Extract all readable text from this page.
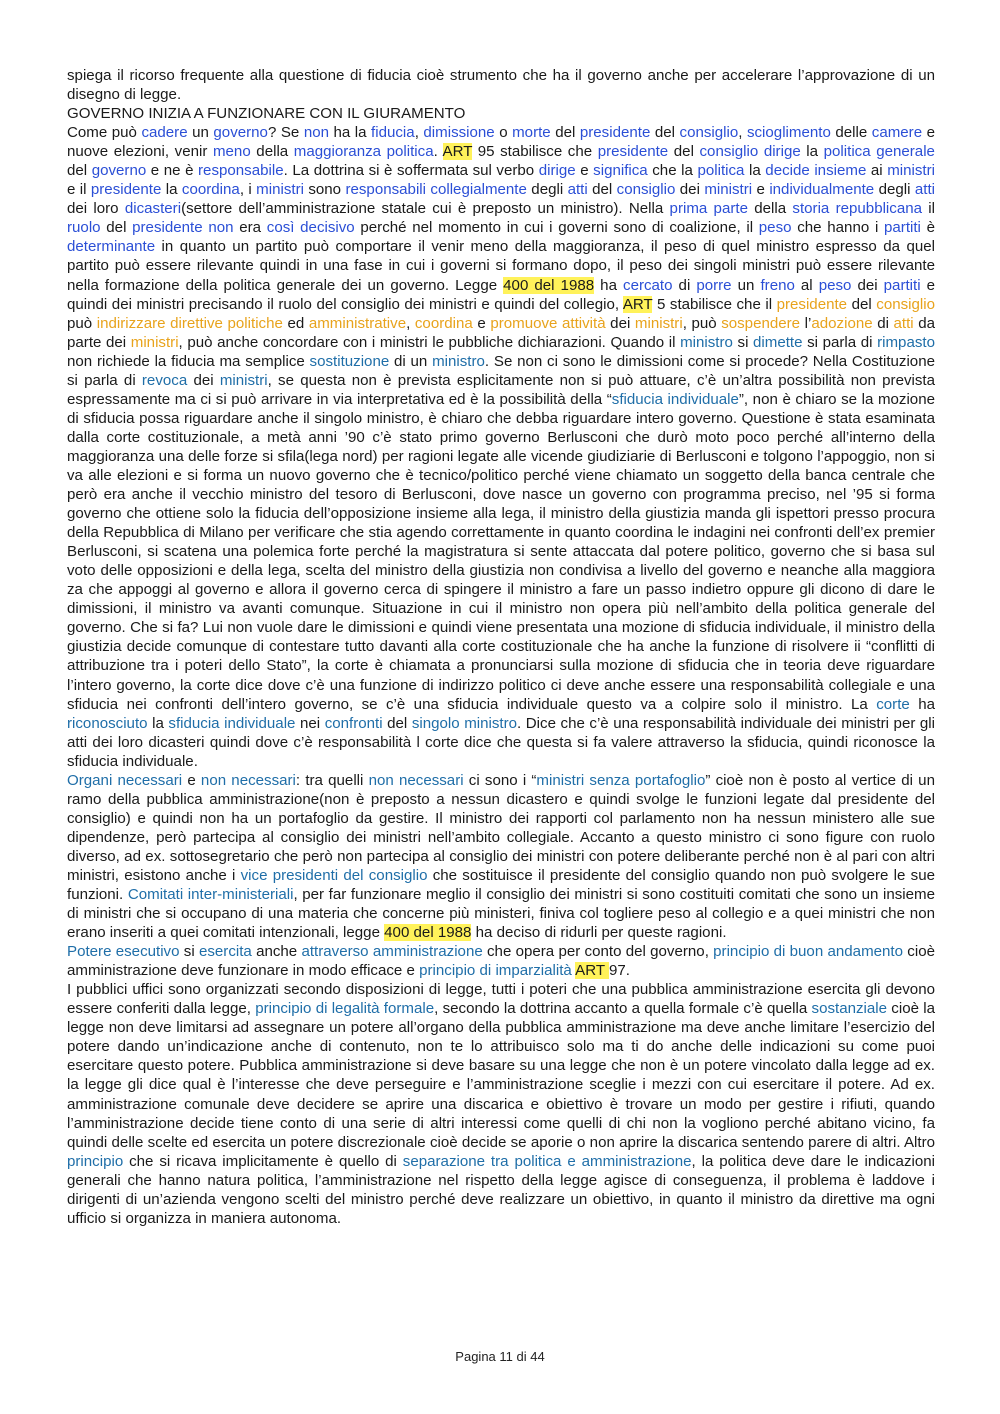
spiega il ricorso frequente alla questione di fiducia cioè strumento che ha il governo anche per accelerare l’approvazione di un disegno di legge.

GOVERNO INIZIA A FUNZIONARE CON IL GIURAMENTO

Come può cadere un governo? Se non ha la fiducia, dimissione o morte del presidente del consiglio, scioglimento delle camere e nuove elezioni, venir meno della maggioranza politica. ART 95 stabilisce che presidente del consiglio dirige la politica generale del governo e ne è responsabile. La dottrina si è soffermata sul verbo dirige e significa che la politica la decide insieme ai ministri e il presidente la coordina, i ministri sono responsabili collegialmente degli atti del consiglio dei ministri e individualmente degli atti dei loro dicasteri(settore dell’amministrazione statale cui è preposto un ministro). Nella prima parte della storia repubblicana il ruolo del presidente non era così decisivo perché nel momento in cui i governi sono di coalizione, il peso che hanno i partiti è determinante in quanto un partito può comportare il venir meno della maggioranza, il peso di quel ministro espresso da quel partito può essere rilevante quindi in una fase in cui i governi si formano dopo, il peso dei singoli ministri può essere rilevante nella formazione della politica generale dei un governo. Legge 400 del 1988 ha cercato di porre un freno al peso dei partiti e quindi dei ministri precisando il ruolo del consiglio dei ministri e quindi del collegio, ART 5 stabilisce che il presidente del consiglio può indirizzare direttive politiche ed amministrative, coordina e promuove attività dei ministri, può sospendere l’adozione di atti da parte dei ministri, può anche concordare con i ministri le pubbliche dichiarazioni. Quando il ministro si dimette si parla di rimpasto non richiede la fiducia ma semplice sostituzione di un ministro. Se non ci sono le dimissioni come si procede? Nella Costituzione si parla di revoca dei ministri, se questa non è prevista esplicitamente non si può attuare, c’è un’altra possibilità non prevista espressamente ma ci si può arrivare in via interpretativa ed è la possibilità della “sfiducia individuale”, non è chiaro se la mozione di sfiducia possa riguardare anche il singolo ministro, è chiaro che debba riguardare intero governo. Questione è stata esaminata dalla corte costituzionale, a metà anni ’90 c’è stato primo governo Berlusconi che durò moto poco perché all’interno della maggioranza una delle forze si sfila(lega nord) per ragioni legate alle vicende giudiziarie di Berlusconi e tolgono l’appoggio, non si va alle elezioni e si forma un nuovo governo che è tecnico/politico perché viene chiamato un soggetto della banca centrale che però era anche il vecchio ministro del tesoro di Berlusconi, dove nasce un governo con programma preciso, nel ’95 si forma governo che ottiene solo la fiducia dell’opposizione insieme alla lega, il ministro della giustizia manda gli ispettori presso procura della Repubblica di Milano per verificare che stia agendo correttamente in quanto coordina le indagini nei confronti dell’ex premier Berlusconi, si scatena una polemica forte perché la magistratura si sente attaccata dal potere politico, governo che si basa sul voto delle opposizioni e della lega, scelta del ministro della giustizia non condivisa a livello del governo e neanche alla maggiora za che appoggi al governo e allora il governo cerca di spingere il ministro a fare un passo indietro oppure gli dicono di dare le dimissioni, il ministro va avanti comunque. Situazione in cui il ministro non opera più nell’ambito della politica generale del governo. Che si fa? Lui non vuole dare le dimissioni e quindi viene presentata una mozione di sfiducia individuale, il ministro della giustizia decide comunque di contestare tutto davanti alla corte costituzionale che ha anche la funzione di risolvere ii “conflitti di attribuzione tra i poteri dello Stato”, la corte è chiamata a pronunciarsi sulla mozione di sfiducia che in teoria deve riguardare l’intero governo, la corte dice dove c’è una funzione di indirizzo politico ci deve anche essere una responsabilità collegiale e una sfiducia nei confronti dell’intero governo, se c’è una sfiducia individuale questo va a colpire solo il ministro. La corte ha riconosciuto la sfiducia individuale nei confronti del singolo ministro. Dice che c’è una responsabilità individuale dei ministri per gli atti dei loro dicasteri quindi dove c’è responsabilità l corte dice che questa si fa valere attraverso la sfiducia, quindi riconosce la sfiducia individuale.

Organi necessari e non necessari: tra quelli non necessari ci sono i “ministri senza portafoglio” cioè non è posto al vertice di un ramo della pubblica amministrazione(non è preposto a nessun dicastero e quindi svolge le funzioni legate dal presidente del consiglio) e quindi non ha un portafoglio da gestire. Il ministro dei rapporti col parlamento non ha nessun ministero alle sue dipendenze, però partecipa al consiglio dei ministri nell’ambito collegiale. Accanto a questo ministro ci sono figure con ruolo diverso, ad ex. sottosegretario che però non partecipa al consiglio dei ministri con potere deliberante perché non è al pari con altri ministri, esistono anche i vice presidenti del consiglio che sostituisce il presidente del consiglio quando non può svolgere le sue funzioni. Comitati inter-ministeriali, per far funzionare meglio il consiglio dei ministri si sono costituiti comitati che sono un insieme di ministri che si occupano di una materia che concerne più ministeri, finiva col togliere peso al collegio e a quei ministri che non erano inseriti a quei comitati intenzionali, legge 400 del 1988 ha deciso di ridurli per queste ragioni.

Potere esecutivo si esercita anche attraverso amministrazione che opera per conto del governo, principio di buon andamento cioè amministrazione deve funzionare in modo efficace e principio di imparzialità ART 97.

I pubblici uffici sono organizzati secondo disposizioni di legge, tutti i poteri che una pubblica amministrazione esercita gli devono essere conferiti dalla legge, principio di legalità formale, secondo la dottrina accanto a quella formale c’è quella sostanziale cioè la legge non deve limitarsi ad assegnare un potere all’organo della pubblica amministrazione ma deve anche limitare l’esercizio del potere dando un’indicazione anche di contenuto, non te lo attribuisco solo ma ti do anche delle indicazioni su come puoi esercitare questo potere. Pubblica amministrazione si deve basare su una legge che non è un potere vincolato dalla legge ad ex. la legge gli dice qual è l’interesse che deve perseguire e l’amministrazione sceglie i mezzi con cui esercitare il potere. Ad ex. amministrazione comunale deve decidere se aprire una discarica e obiettivo è trovare un modo per gestire i rifiuti, quando l’amministrazione decide tiene conto di una serie di altri interessi come quelli di chi non la vogliono perché abitano vicino, fa quindi delle scelte ed esercita un potere discrezionale cioè decide se aporie o non aprire la discarica sentendo parere di altri. Altro principio che si ricava implicitamente è quello di separazione tra politica e amministrazione, la politica deve dare le indicazioni generali che hanno natura politica, l’amministrazione nel rispetto della legge agisce di conseguenza, il problema è laddove i dirigenti di un’azienda vengono scelti del ministro perché deve realizzare un obiettivo, in quanto il ministro da direttive ma ogni ufficio si organizza in maniera autonoma.

Pagina 11 di 44
